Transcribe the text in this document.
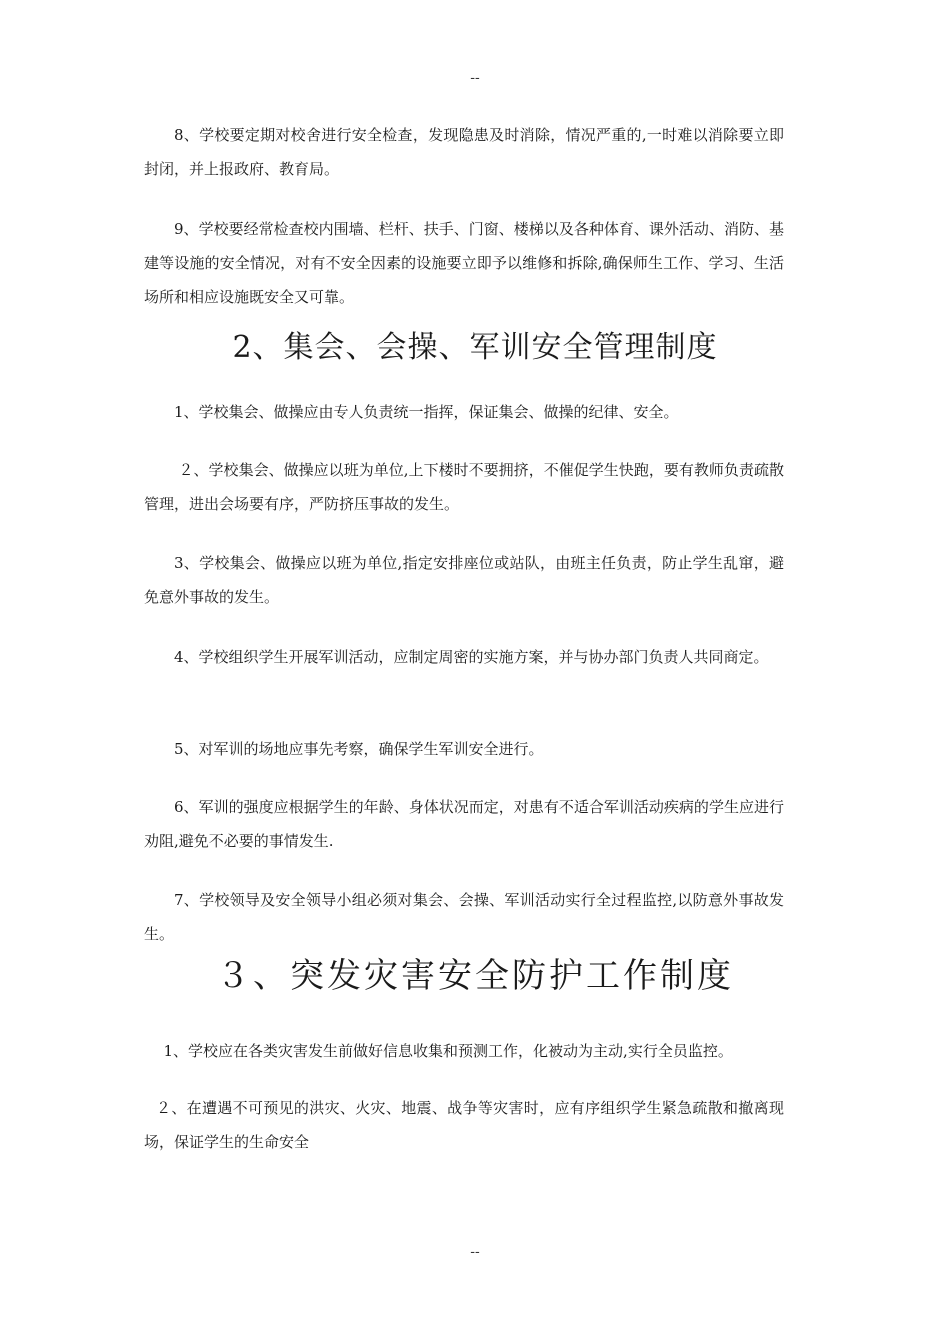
--

8、学校要定期对校舍进行安全检查，发现隐患及时消除，情况严重的,一时难以消除要立即封闭，并上报政府、教育局。

9、学校要经常检查校内围墙、栏杆、扶手、门窗、楼梯以及各种体育、课外活动、消防、基建等设施的安全情况，对有不安全因素的设施要立即予以维修和拆除,确保师生工作、学习、生活场所和相应设施既安全又可靠。

2、集会、会操、军训安全管理制度

1、学校集会、做操应由专人负责统一指挥，保证集会、做操的纪律、安全。

２、学校集会、做操应以班为单位,上下楼时不要拥挤，不催促学生快跑，要有教师负责疏散管理，进出会场要有序，严防挤压事故的发生。

3、学校集会、做操应以班为单位,指定安排座位或站队，由班主任负责，防止学生乱窜，避免意外事故的发生。

4、学校组织学生开展军训活动，应制定周密的实施方案，并与协办部门负责人共同商定。

5、对军训的场地应事先考察，确保学生军训安全进行。

6、军训的强度应根据学生的年龄、身体状况而定，对患有不适合军训活动疾病的学生应进行劝阻,避免不必要的事情发生.

7、学校领导及安全领导小组必须对集会、会操、军训活动实行全过程监控,以防意外事故发生。

３、突发灾害安全防护工作制度

1、学校应在各类灾害发生前做好信息收集和预测工作，化被动为主动,实行全员监控。

２、在遭遇不可预见的洪灾、火灾、地震、战争等灾害时，应有序组织学生紧急疏散和撤离现场，保证学生的生命安全

--
